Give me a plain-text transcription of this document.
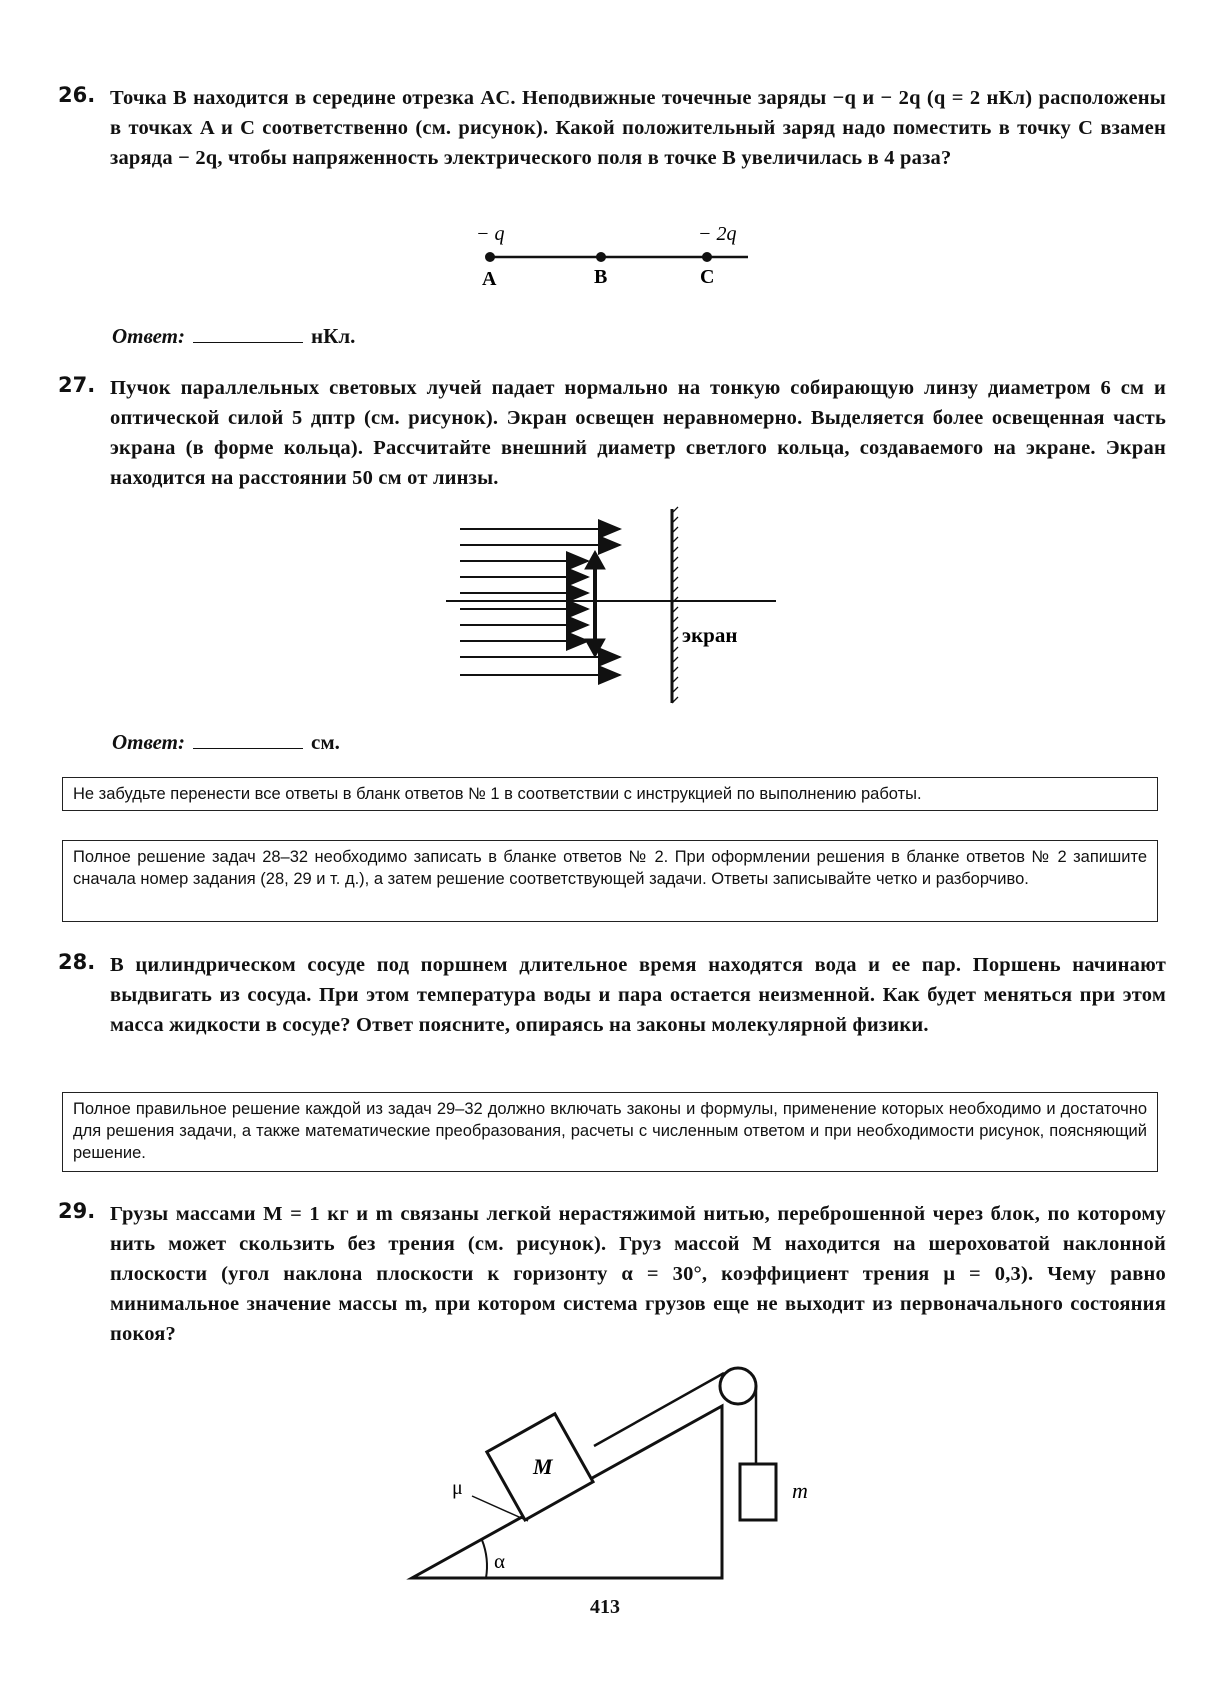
26. Точка B находится в середине отрезка AC. Неподвижные точечные заряды −q и − 2q (q = 2 нКл) расположены в точках A и C соответственно (см. рисунок). Какой положительный заряд надо поместить в точку C взамен заряда − 2q, чтобы напряженность электрического поля в точке B увеличилась в 4 раза?
− q	− 2q
A	B	C
Ответ:	нКл.
27. Пучок параллельных световых лучей падает нормально на тонкую собирающую линзу диаметром 6 см и оптической силой 5 дптр (см. рисунок). Экран освещен неравномерно. Выделяется более освещенная часть экрана (в форме кольца). Рассчитайте внешний диаметр светлого кольца, создаваемого на экране. Экран находится на расстоянии 50 см от линзы.
экран
Ответ:	см.
Не забудьте перенести все ответы в бланк ответов № 1 в соответствии с инструкцией по выполнению работы.
Полное решение задач 28–32 необходимо записать в бланке ответов № 2. При оформлении решения в бланке ответов № 2 запишите сначала номер задания (28, 29 и т. д.), а затем решение соответствующей задачи. Ответы записывайте четко и разборчиво.
28. В цилиндрическом сосуде под поршнем длительное время находятся вода и ее пар. Поршень начинают выдвигать из сосуда. При этом температура воды и пара остается неизменной. Как будет меняться при этом масса жидкости в сосуде? Ответ поясните, опираясь на законы молекулярной физики.
Полное правильное решение каждой из задач 29–32 должно включать законы и формулы, применение которых необходимо и достаточно для решения задачи, а также математические преобразования, расчеты с численным ответом и при необходимости рисунок, поясняющий решение.
29. Грузы массами M = 1 кг и m связаны легкой нерастяжимой нитью, переброшенной через блок, по которому нить может скользить без трения (см. рисунок). Груз массой M находится на шероховатой наклонной плоскости (угол наклона плоскости к горизонту α = 30°, коэффициент трения μ = 0,3). Чему равно минимальное значение массы m, при котором система грузов еще не выходит из первоначального состояния покоя?
α
M
m
μ
413
